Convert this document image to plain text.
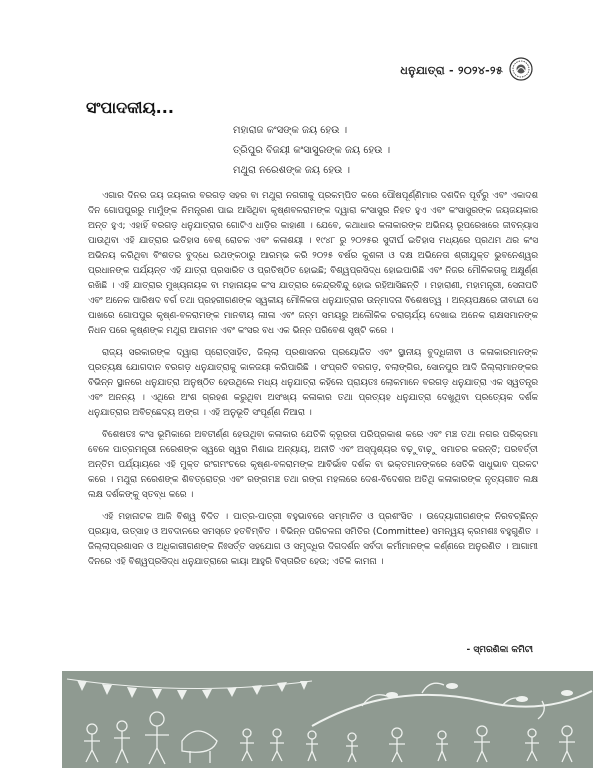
ଧନୁଯାତ୍ରା - ୨୦୨୪-୨୫
ସଂପାଦକୀୟ...
ମହାରାଜ କଂସଙ୍କ ଜୟ ହେଉ ।
ତ୍ରିପୁର ବିଜୟୀ କଂସାସୁରଙ୍କ ଜୟ ହେଉ ।
ମଥୁରା ନରେଶଙ୍କ ଜୟ ହେଉ ।

ଏଗାର ଦିନର ଜୟ ଜୟକାର ବରଗଡ଼ ସହର ବା ମଥୁରା ନଗରୀକୁ ପ୍ରକମ୍ପିତ କରେ ପୌଷପୂର୍ଣ୍ଣିମାର ଦଶଦିନ ପୂର୍ବରୁ ଏବଂ ଏକାଦଶ ଦିନ ଗୋପପୁରରୁ ମାମୁଁଙ୍କ ନିମନ୍ତ୍ରଣ ପାଇ ଆସିଥିବା କୃଷ୍ଣବଳରାମଙ୍କ ଦ୍ୱାରା କଂସାସୁର ନିହତ ହୁଏ ଏବଂ କଂସାସୁରଙ୍କ ଜୟଜୟକାର ଅନ୍ତ ହୁଏ; ଏହାହିଁ ବରଗଡ଼ ଧନୁଯାତ୍ରାର ଗୋଟିଏ ଧାଡ଼ିର କାହାଣୀ । ଯେବେ, କଥାଧାର କଳାକାରଙ୍କ ଅଭିନୟ ରୂପରେଖରେ ଜୀବନ୍ୟାସ ପାଉଥିବା ଏହି ଯାତ୍ରାର ଇତିହାସ ବେଶ୍ ରୋଚକ ଏବଂ କଳାଶୟୀ । ୧୯୪୮ ରୁ ୨୦୨୫ର ସୁଦୀର୍ଘ ଇତିହାସ ମଧ୍ୟରେ ପ୍ରଥମ ଥର କଂସ ଅଭିନୟ କରିଥିବା ବିଂଶତର ବୁଦ୍ଧେ ରଥଙ୍କଠାରୁ ଆରମ୍ଭ କରି ୨୦୨୫ ବର୍ଷର କୁଶଳୀ ଓ ଦକ୍ଷ ଅଭିନେତା ଶ୍ରୀଯୁକ୍ତ ଭୁବନେଶ୍ୱର ପ୍ରଧାନଙ୍କ ପର୍ଯ୍ୟନ୍ତ ଏହି ଯାତ୍ରା ପ୍ରସାରିତ ଓ ପ୍ରତିଷ୍ଠିତ ହୋଇଛି; ବିଶ୍ୱପ୍ରସିଦ୍ଧ ହୋଇପାରିଛି ଏବଂ ନିଜର ମୌଳିକତାକୁ ଅକ୍ଷୁର୍ଣ୍ଣ ରଖିଛି । ଏହି ଯାତ୍ରାର ମୁଖ୍ୟନାୟକ ବା ମହାନାୟକ କଂସ ଯାତ୍ରାର କେନ୍ଦ୍ରବିନ୍ଦୁ ହୋଇ ରହିଆସିଛନ୍ତି । ମହାରାଣୀ, ମହାମନ୍ତ୍ରୀ, ସେନାପତି ଏବଂ ଅନେକ ପାରିଷଦ ବର୍ଗ ତଥା ପ୍ରହରୀଗଣଙ୍କ ସ୍ୱକୀୟ ମୌଳିକତା ଧନୁଯାତ୍ରାର ଉନ୍ମାଦନା ବିଶେଷତ୍ୱ । ଅନ୍ୟପକ୍ଷରେ ଜୀବାନ୍ଦୀ ସେ ପାଖରେ ଗୋପପୁର କୃଷ୍ଣ-ବଳରାମଙ୍କ ମାନବୀୟ ଲୀଳା ଏବଂ ଜନ୍ମ ସମୟରୁ ଅଲୌକିକ ଚରାଚାର୍ଯ୍ୟ ଦେଖାଇ ଅନେକ ରାକ୍ଷସମାନଙ୍କ ନିଧନ ପରେ କୃଷ୍ଣଙ୍କ ମଥୁରା ଆଗମନ ଏବଂ କଂସର ବଧ ଏକ ଭିନ୍ନ ପରିବେଶ ସୃଷ୍ଟି କରେ ।

ରାଜ୍ୟ ସରକାରଙ୍କ ଦ୍ୱାରା ପ୍ରୋତ୍ସାହିତ, ଜିଲ୍ଲା ପ୍ରଶାସନର ପ୍ରୟୋଜିତ ଏବଂ ସ୍ଥାନୀୟ ବୁଦ୍ଧିଜୀବୀ ଓ କଳାକାରମାନଙ୍କ ପ୍ରତ୍ୟକ୍ଷ ଯୋଗଦାନ ବରଗଡ଼ ଧନୁଯାତ୍ରାକୁ କାଳଜୟୀ କରିପାରିଛି । ସଂପ୍ରତି ବରଗଡ଼, ବଲାଙ୍ଗିର, ସୋନପୁର ଆଦି ଜିଲ୍ଲାମାନଙ୍କର ବିଭିନ୍ନ ସ୍ଥାନରେ ଧନୁଯାତ୍ରା ଅନୁଷ୍ଠିତ ହେଉଥିଲେ ମଧ୍ୟ ଧନୁଯାତ୍ରା କହିଲେ ପ୍ରାୟତଃ ଲୋକମାନେ ବରଗଡ଼ ଧନୁଯାତ୍ରା ଏକ ସ୍ୱତନ୍ତ୍ର ଏବଂ ଅନନ୍ୟ । ଏଥିରେ ଅଂଶ ଗ୍ରହଣ କରୁଥିବା ଅସଂଖ୍ୟ କଳାକାର ତଥା ପ୍ରତ୍ୟହ ଧନୁଯାତ୍ରା ଦେଖୁଥିବା ପ୍ରତ୍ୟେକ ଦର୍ଶକ ଧନୁଯାତ୍ରାର ଅବିଚ୍ଛେଦ୍ୟ ଅଙ୍ଗ । ଏହି ଅନୁଭୂତି ସଂପୂର୍ଣ୍ଣ ନିଆରା ।

ବିଶେଷତଃ କଂସ ଭୂମିକାରେ ଅବତୀର୍ଣ୍ଣ ହେଉଥିବା କଳାକାର ଯେତିକି କ୍ରୂରତା ପରିପ୍ରକାଶ କରେ ଏବଂ ମଞ୍ଚ ତଥା ନଗର ପରିକ୍ରମା ବେଳେ ପାତ୍ରମନ୍ତ୍ରୀ ନରେଶଙ୍କ ସ୍ୱରେ ସ୍ୱର ମିଶାଇ ଅନ୍ୟାୟ, ଅନୀତି ଏବଂ ଅସ୍ପୃଶ୍ୟର ବଢ଼ୁବାଢ଼ୁ ସମାଚର କରନ୍ତି; ପରବର୍ତ୍ତୀ ଅନ୍ତିମ ପର୍ଯ୍ୟାୟରେ ଏହି ମୁକ୍ତ ରଂଗମଂଚରେ କୃଷ୍ଣ-ବଳରାମଙ୍କ ଆବିର୍ଭାବ ଦର୍ଶକ ବା ଭକ୍ତମାନଙ୍କରେ ସେତିକି ସାଧୁଭାବ ପ୍ରକଟ କରେ । ମଥୁରା ନରେଶଙ୍କ ଶିବତ୍ରୋତ୍ର ଏବଂ ରଙ୍ଗମଞ୍ଚ ତଥା ରଙ୍ଗ ମହଲରେ ଦେଶ-ବିଦେଶର ଅତିଥି କଳାକାରଙ୍କ ନୃତ୍ୟଗୀତ ଲକ୍ଷ ଲକ୍ଷ ଦର୍ଶକଙ୍କୁ ସ୍ତବ୍ଧ କରେ ।

ଏହି ମହାନାଟକ ଆଜି ବିଶ୍ୱ ବିଦିତ । ପାତ୍ର-ପାତ୍ରୀ ବହୁଭାବରେ ସମ୍ମାନିତ ଓ ପ୍ରଶଂସିତ । ଉଦ୍ୟୋଗୀଗଣଙ୍କ ନିରବଚ୍ଛିନ୍ନ ପ୍ରୟାସ, ଉତ୍ସାହ ଓ ଅବଦାନରେ ସମସ୍ତେ ହତବିମ୍ବିତ । ବିଭିନ୍ନ ପରିଚଳନା ସମିତିର (Committee) ସମନ୍ୱୟ କ୍ରମଶଃ ବହୁଗୁଣିତ । ଜିଲ୍ଲାପ୍ରଶାସନ ଓ ଅଧିକାରୀଗଣଙ୍କ ନିଃସର୍ତ୍ତ ସହଯୋଗ ଓ ସମୃଦ୍ଧିର ଦିଗଦର୍ଶନ ସର୍ବଦା କର୍ମୀମାନଙ୍କ କର୍ଣ୍ଣରେ ଅନୁରଣିତ । ଆଗାମୀ ଦିନରେ ଏହି ବିଶ୍ୱପ୍ରସିଦ୍ଧ ଧନୁଯାତ୍ରାରେ କାୟା ଆହୁରି ବିସ୍ତାରିତ ହେଉ; ଏତିକି କାମନା ।

- ସ୍ମରଣିକା କମିଟୀ
